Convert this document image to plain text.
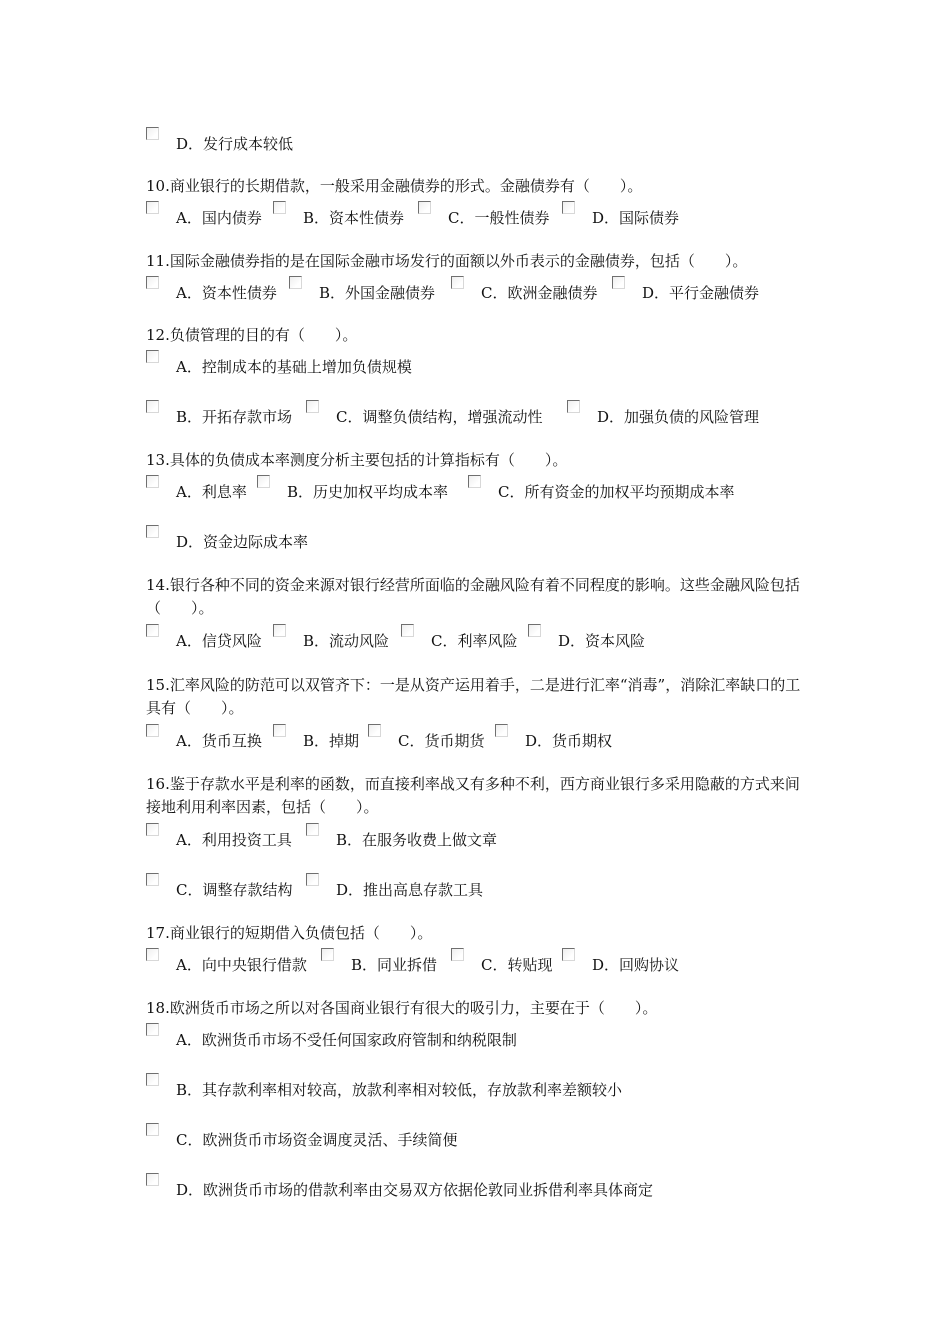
D．发行成本较低
10.商业银行的长期借款，一般采用金融债券的形式。金融债券有（　　）。
A．国内债券	B．资本性债券	C．一般性债券	D．国际债券
11.国际金融债券指的是在国际金融市场发行的面额以外币表示的金融债券，包括（　　）。
A．资本性债券	B．外国金融债券	C．欧洲金融债券	D．平行金融债券
12.负债管理的目的有（　　）。
A．控制成本的基础上增加负债规模
B．开拓存款市场	C．调整负债结构，增强流动性	D．加强负债的风险管理
13.具体的负债成本率测度分析主要包括的计算指标有（　　）。
A．利息率	B．历史加权平均成本率	C．所有资金的加权平均预期成本率
D．资金边际成本率
14.银行各种不同的资金来源对银行经营所面临的金融风险有着不同程度的影响。这些金融风险包括（　　）。
A．信贷风险	B．流动风险	C．利率风险	D．资本风险
15.汇率风险的防范可以双管齐下：一是从资产运用着手，二是进行汇率“消毒”，消除汇率缺口的工具有（　　）。
A．货币互换	B．掉期	C．货币期货	D．货币期权
16.鉴于存款水平是利率的函数，而直接利率战又有多种不利，西方商业银行多采用隐蔽的方式来间接地利用利率因素，包括（　　）。
A．利用投资工具	B．在服务收费上做文章
C．调整存款结构	D．推出高息存款工具
17.商业银行的短期借入负债包括（　　）。
A．向中央银行借款	B．同业拆借	C．转贴现	D．回购协议
18.欧洲货币市场之所以对各国商业银行有很大的吸引力，主要在于（　　）。
A．欧洲货币市场不受任何国家政府管制和纳税限制
B．其存款利率相对较高，放款利率相对较低，存放款利率差额较小
C．欧洲货币市场资金调度灵活、手续简便
D．欧洲货币市场的借款利率由交易双方依据伦敦同业拆借利率具体商定
